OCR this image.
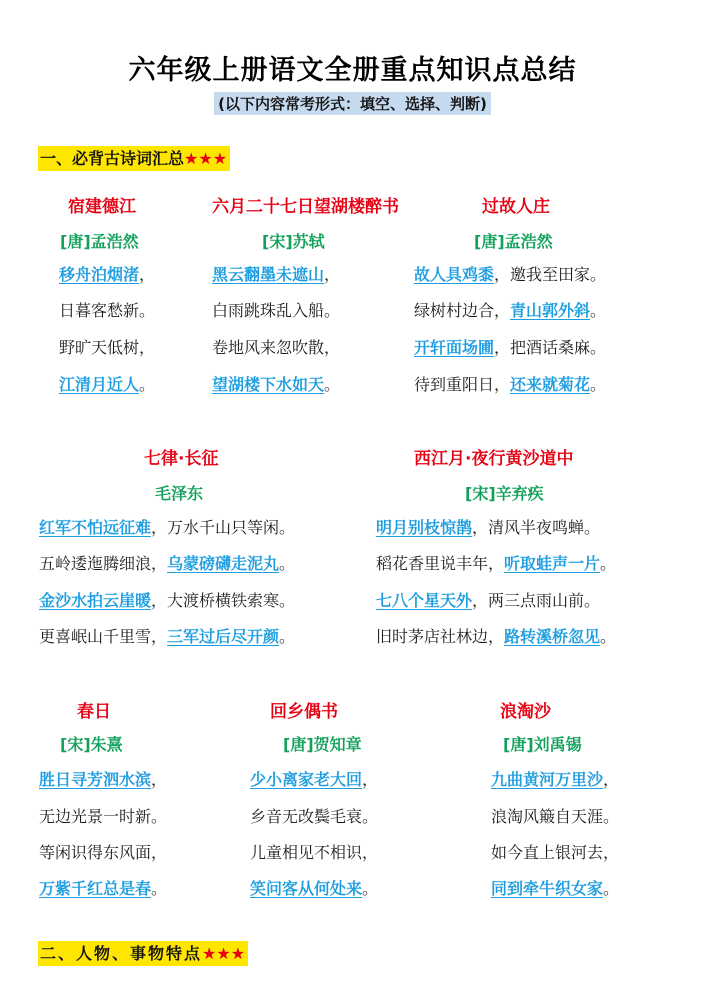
六年级上册语文全册重点知识点总结
(以下内容常考形式：填空、选择、判断)
一、必背古诗词汇总★★★
二、人物、事物特点★★★
宿建德江
[唐]孟浩然
移舟泊烟渚，
日暮客愁新。
野旷天低树，
江清月近人。
六月二十七日望湖楼醉书
[宋]苏轼
黑云翻墨未遮山，
白雨跳珠乱入船。
卷地风来忽吹散，
望湖楼下水如天。
过故人庄
[唐]孟浩然
故人具鸡黍，邀我至田家。
绿树村边合，青山郭外斜。
开轩面场圃，把酒话桑麻。
待到重阳日，还来就菊花。
七律·长征
毛泽东
红军不怕远征难，万水千山只等闲。
五岭逶迤腾细浪，乌蒙磅礴走泥丸。
金沙水拍云崖暖，大渡桥横铁索寒。
更喜岷山千里雪，三军过后尽开颜。
西江月·夜行黄沙道中
[宋]辛弃疾
明月别枝惊鹊，清风半夜鸣蝉。
稻花香里说丰年，听取蛙声一片。
七八个星天外，两三点雨山前。
旧时茅店社林边，路转溪桥忽见。
春日
[宋]朱熹
胜日寻芳泗水滨，
无边光景一时新。
等闲识得东风面，
万紫千红总是春。
回乡偶书
[唐]贺知章
少小离家老大回，
乡音无改鬓毛衰。
儿童相见不相识，
笑问客从何处来。
浪淘沙
[唐]刘禹锡
九曲黄河万里沙，
浪淘风簸自天涯。
如今直上银河去，
同到牵牛织女家。
